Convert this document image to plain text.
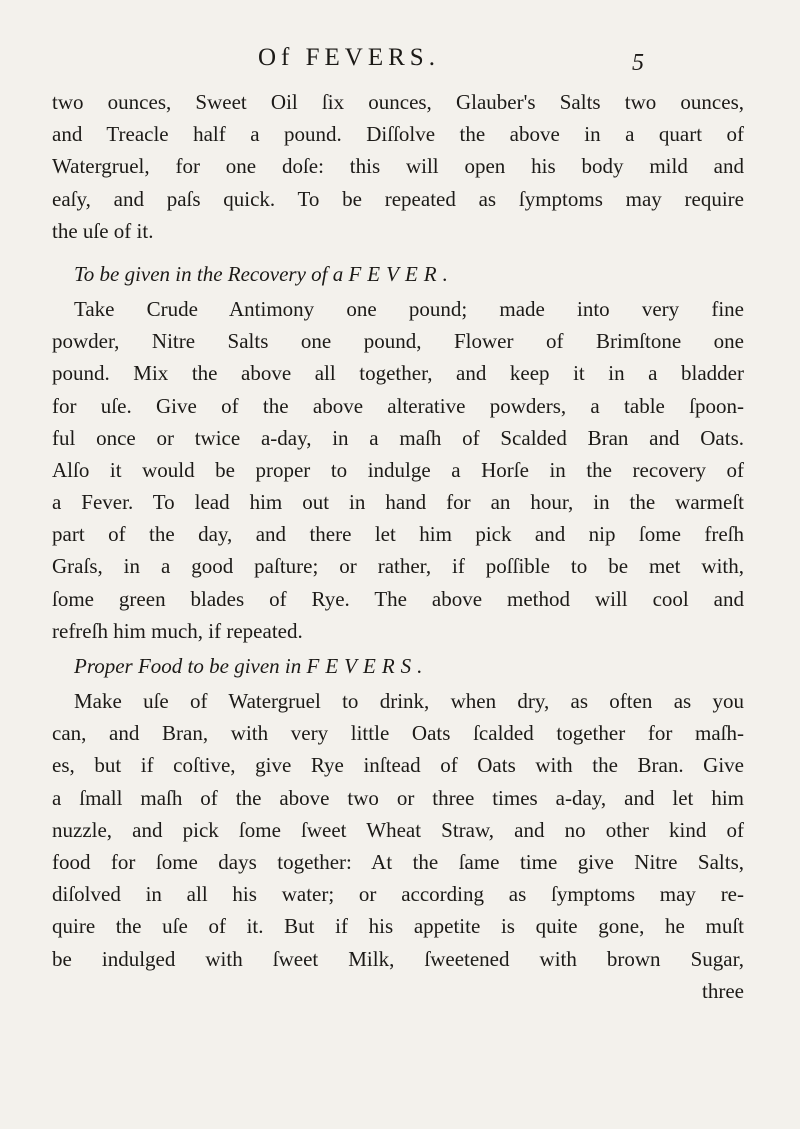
Of FEVERS.	5
two ounces, Sweet Oil ſix ounces, Glauber's Salts two ounces,
and Treacle half a pound. Diſſolve the above in a quart of
Watergruel, for one doſe: this will open his body mild and
eaſy, and paſs quick. To be repeated as ſymptoms may require
the uſe of it.
To be given in the Recovery of a FEVER.
Take Crude Antimony one pound; made into very fine
powder, Nitre Salts one pound, Flower of Brimſtone one
pound. Mix the above all together, and keep it in a bladder
for uſe. Give of the above alterative powders, a table ſpoon-
ful once or twice a-day, in a maſh of Scalded Bran and Oats.
Alſo it would be proper to indulge a Horſe in the recovery of
a Fever. To lead him out in hand for an hour, in the warmeſt
part of the day, and there let him pick and nip ſome freſh
Graſs, in a good paſture; or rather, if poſſible to be met with,
ſome green blades of Rye. The above method will cool and
refreſh him much, if repeated.
Proper Food to be given in FEVERS.
Make uſe of Watergruel to drink, when dry, as often as you
can, and Bran, with very little Oats ſcalded together for maſh-
es, but if coſtive, give Rye inſtead of Oats with the Bran. Give
a ſmall maſh of the above two or three times a-day, and let him
nuzzle, and pick ſome ſweet Wheat Straw, and no other kind of
food for ſome days together: At the ſame time give Nitre Salts,
diſolved in all his water; or according as ſymptoms may re-
quire the uſe of it. But if his appetite is quite gone, he muſt
be indulged with ſweet Milk, ſweetened with brown Sugar,
three
